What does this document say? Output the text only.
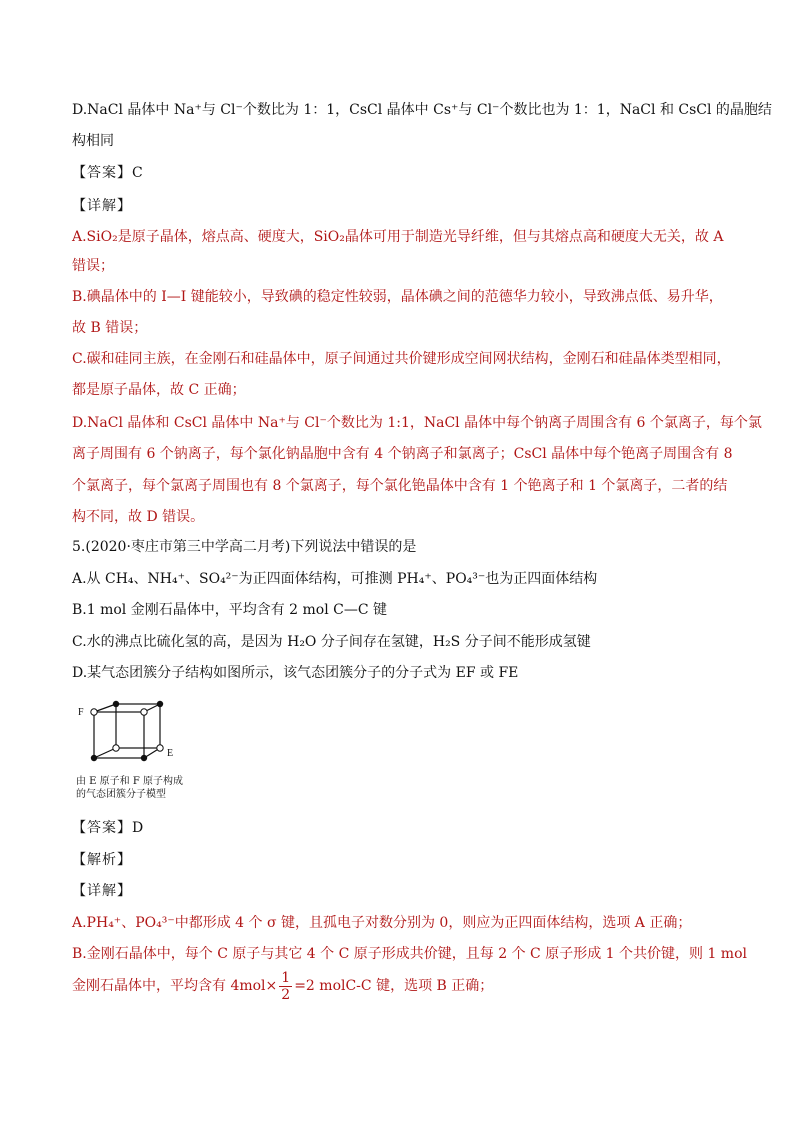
D.NaCl 晶体中 Na⁺与 Cl⁻个数比为 1：1，CsCl 晶体中 Cs⁺与 Cl⁻个数比也为 1：1，NaCl 和 CsCl 的晶胞结
构相同
【答案】C
【详解】
A.SiO₂是原子晶体，熔点高、硬度大，SiO₂晶体可用于制造光导纤维，但与其熔点高和硬度大无关，故 A
错误；
B.碘晶体中的 I—I 键能较小，导致碘的稳定性较弱，晶体碘之间的范德华力较小，导致沸点低、易升华，
故 B 错误；
C.碳和硅同主族，在金刚石和硅晶体中，原子间通过共价键形成空间网状结构，金刚石和硅晶体类型相同，
都是原子晶体，故 C 正确；
D.NaCl 晶体和 CsCl 晶体中 Na⁺与 Cl⁻个数比为 1:1，NaCl 晶体中每个钠离子周围含有 6 个氯离子，每个氯
离子周围有 6 个钠离子，每个氯化钠晶胞中含有 4 个钠离子和氯离子；CsCl 晶体中每个铯离子周围含有 8
个氯离子，每个氯离子周围也有 8 个氯离子，每个氯化铯晶体中含有 1 个铯离子和 1 个氯离子，二者的结
构不同，故 D 错误。
5.(2020·枣庄市第三中学高二月考)下列说法中错误的是
A.从 CH₄、NH₄⁺、SO₄²⁻为正四面体结构，可推测 PH₄⁺、PO₄³⁻也为正四面体结构
B.1 mol 金刚石晶体中，平均含有 2 mol C—C 键
C.水的沸点比硫化氢的高，是因为 H₂O 分子间存在氢键，H₂S 分子间不能形成氢键
D.某气态团簇分子结构如图所示，该气态团簇分子的分子式为 EF 或 FE
F
E
由 E 原子和 F 原子构成
的气态团簇分子模型
【答案】D
【解析】
【详解】
A.PH₄⁺、PO₄³⁻中都形成 4 个 σ 键，且孤电子对数分别为 0，则应为正四面体结构，选项 A 正确；
B.金刚石晶体中，每个 C 原子与其它 4 个 C 原子形成共价键，且每 2 个 C 原子形成 1 个共价键，则 1 mol
金刚石晶体中，平均含有 $4mol\times \frac{1}{2} =2$ molC-C 键，选项 B 正确；
